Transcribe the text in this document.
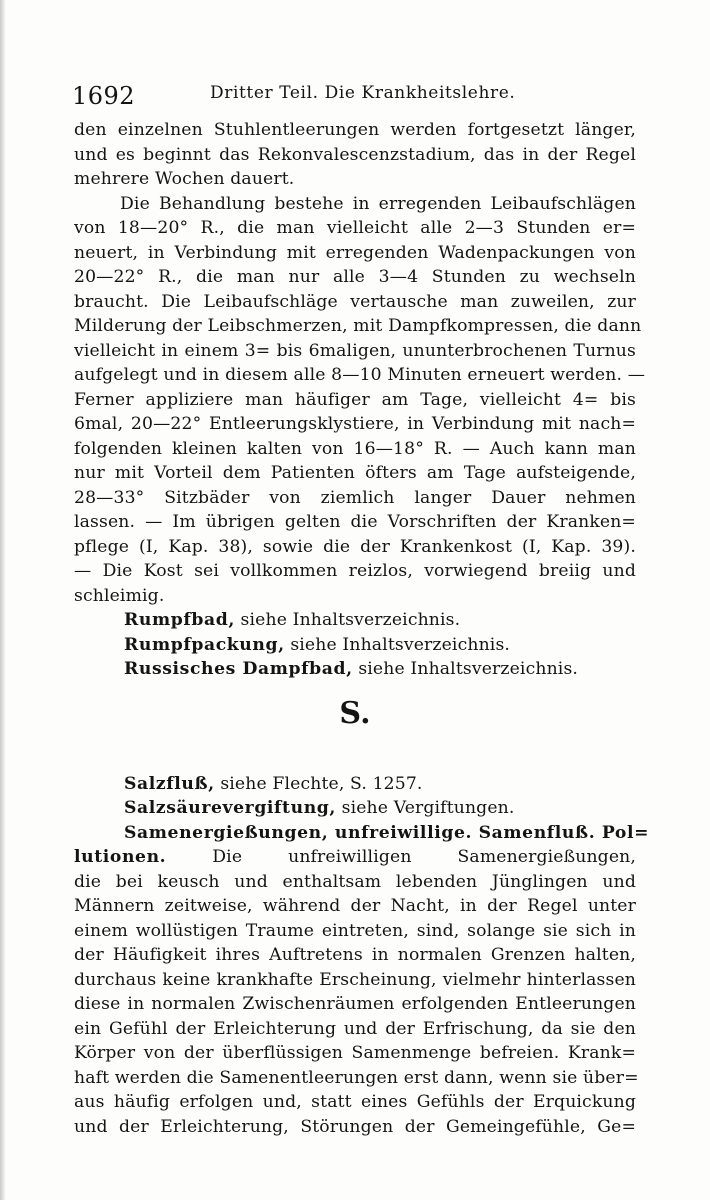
1692	Dritter Teil. Die Krankheitslehre.
den einzelnen Stuhlentleerungen werden fortgesetzt länger,
und es beginnt das Rekonvalescenzstadium, das in der Regel
mehrere Wochen dauert.
Die Behandlung bestehe in erregenden Leibaufschlägen
von 18—20° R., die man vielleicht alle 2—3 Stunden er=
neuert, in Verbindung mit erregenden Wadenpackungen von
20—22° R., die man nur alle 3—4 Stunden zu wechseln
braucht. Die Leibaufschläge vertausche man zuweilen, zur
Milderung der Leibschmerzen, mit Dampfkompressen, die dann
vielleicht in einem 3= bis 6maligen, ununterbrochenen Turnus
aufgelegt und in diesem alle 8—10 Minuten erneuert werden. —
Ferner appliziere man häufiger am Tage, vielleicht 4= bis
6mal, 20—22° Entleerungsklystiere, in Verbindung mit nach=
folgenden kleinen kalten von 16—18° R. — Auch kann man
nur mit Vorteil dem Patienten öfters am Tage aufsteigende,
28—33° Sitzbäder von ziemlich langer Dauer nehmen
lassen. — Im übrigen gelten die Vorschriften der Kranken=
pflege (I, Kap. 38), sowie die der Krankenkost (I, Kap. 39).
— Die Kost sei vollkommen reizlos, vorwiegend breiig und
schleimig.
Rumpfbad, siehe Inhaltsverzeichnis.
Rumpfpackung, siehe Inhaltsverzeichnis.
Russisches Dampfbad, siehe Inhaltsverzeichnis.
S.
Salzfluß, siehe Flechte, S. 1257.
Salzsäurevergiftung, siehe Vergiftungen.
Samenergießungen, unfreiwillige. Samenfluß. Pol=
lutionen. Die unfreiwilligen Samenergießungen,
die bei keusch und enthaltsam lebenden Jünglingen und
Männern zeitweise, während der Nacht, in der Regel unter
einem wollüstigen Traume eintreten, sind, solange sie sich in
der Häufigkeit ihres Auftretens in normalen Grenzen halten,
durchaus keine krankhafte Erscheinung, vielmehr hinterlassen
diese in normalen Zwischenräumen erfolgenden Entleerungen
ein Gefühl der Erleichterung und der Erfrischung, da sie den
Körper von der überflüssigen Samenmenge befreien. Krank=
haft werden die Samenentleerungen erst dann, wenn sie über=
aus häufig erfolgen und, statt eines Gefühls der Erquickung
und der Erleichterung, Störungen der Gemeingefühle, Ge=
